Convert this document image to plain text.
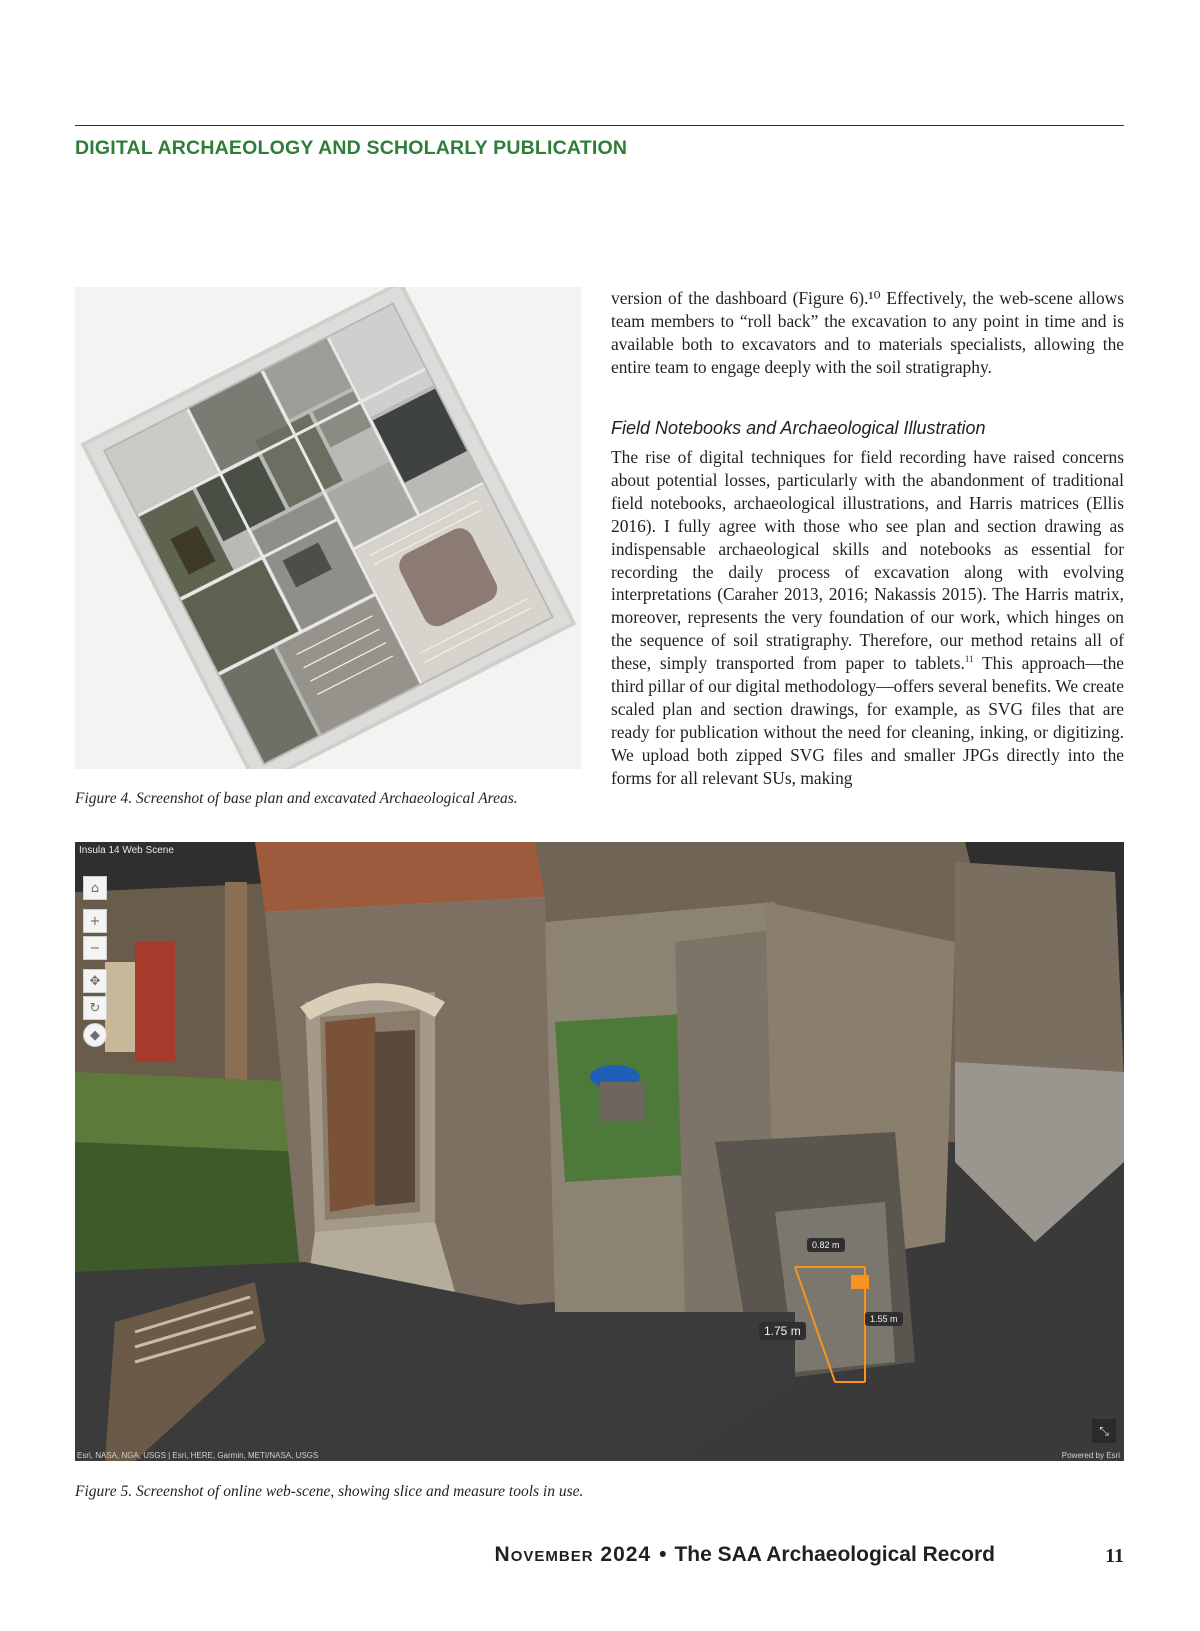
DIGITAL ARCHAEOLOGY AND SCHOLARLY PUBLICATION
Figure 4. Screenshot of base plan and excavated Archaeological Areas.

version of the dashboard (Figure 6).¹⁰ Effectively, the web-scene allows team members to “roll back” the excavation to any point in time and is available both to excavators and to materials specialists, allowing the entire team to engage deeply with the soil stratigraphy.

Field Notebooks and Archaeological Illustration

The rise of digital techniques for field recording have raised concerns about potential losses, particularly with the abandonment of traditional field notebooks, archaeological illustrations, and Harris matrices (Ellis 2016). I fully agree with those who see plan and section drawing as indispensable archaeological skills and notebooks as essential for recording the daily process of excavation along with evolving interpretations (Caraher 2013, 2016; Nakassis 2015). The Harris matrix, moreover, represents the very foundation of our work, which hinges on the sequence of soil stratigraphy. Therefore, our method retains all of these, simply transported from paper to tablets.$^{11}$ This approach—the third pillar of our digital methodology—offers several benefits. We create scaled plan and section drawings, for example, as SVG files that are ready for publication without the need for cleaning, inking, or digitizing. We upload both zipped SVG files and smaller JPGs directly into the forms for all relevant SUs, making

Insula 14 Web Scene
⌂
+
−
✥
↻
◆
0.82 m
1.75 m
1.55 m
⤡
Esri, NASA, NGA, USGS | Esri, HERE, Garmin, METI/NASA, USGS	Powered by Esri
Figure 5. Screenshot of online web-scene, showing slice and measure tools in use.
November 2024 • The SAA Archaeological Record	11
